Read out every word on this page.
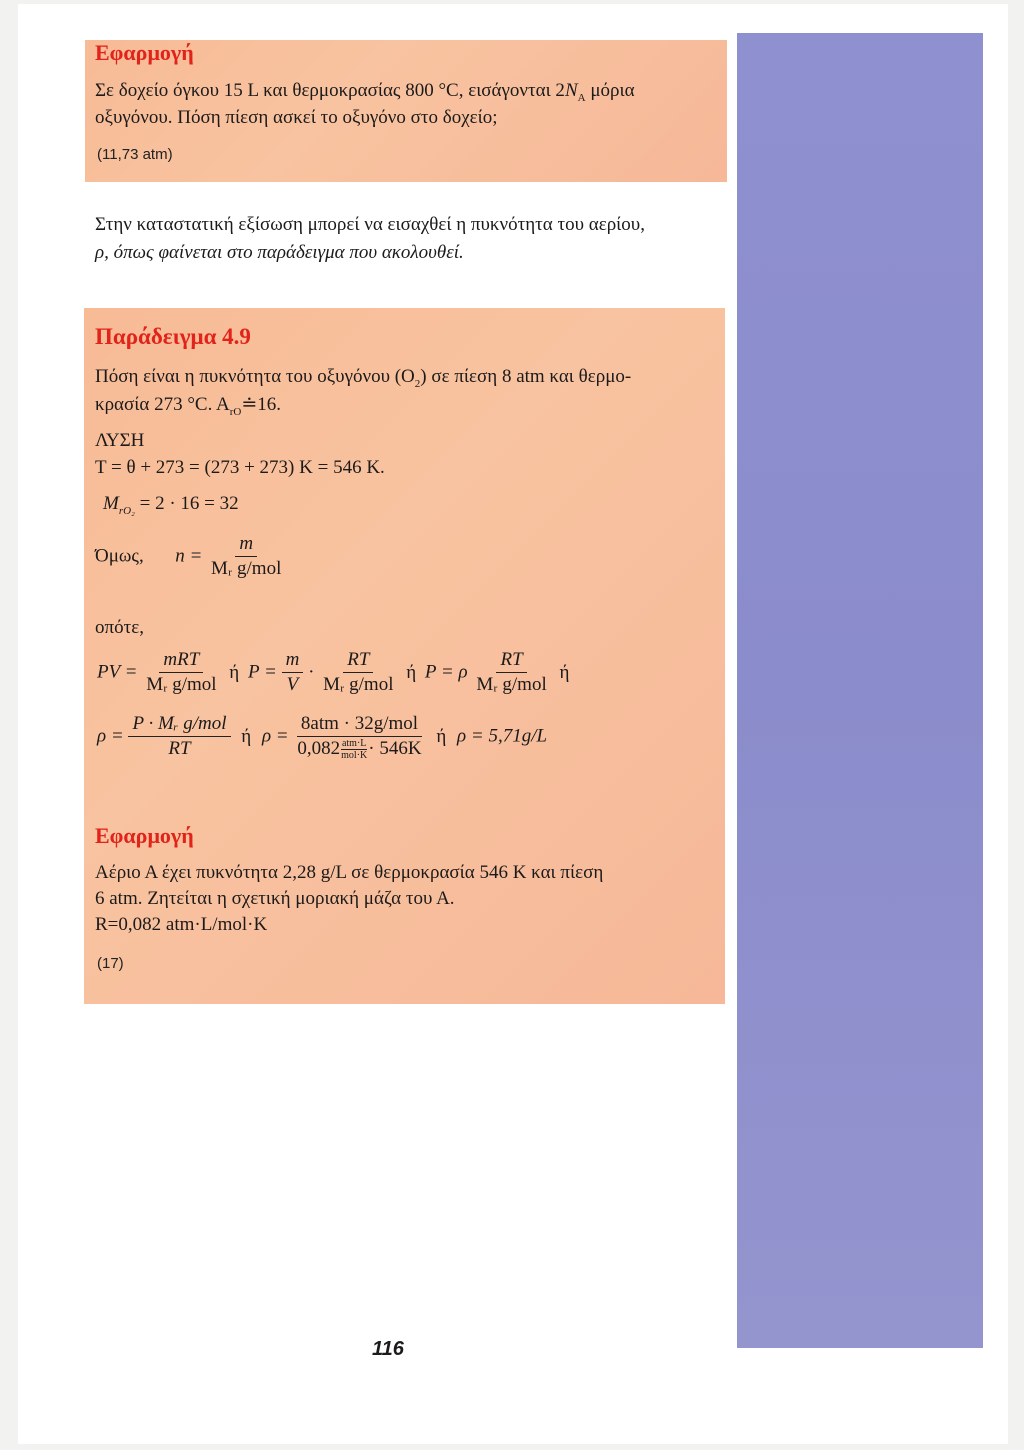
Εφαρμογή
Σε δοχείο όγκου 15 L και θερμοκρασίας 800 °C, εισάγονται $2N_A$ μόρια
οξυγόνου. Πόση πίεση ασκεί το οξυγόνο στο δοχείο;
(11,73 atm)
Στην καταστατική εξίσωση μπορεί να εισαχθεί η πυκνότητα του αερίου,
ρ, όπως φαίνεται στο παράδειγμα που ακολουθεί.
Παράδειγμα 4.9
Πόση είναι η πυκνότητα του οξυγόνου $(O_2)$ σε πίεση 8 atm και θερμο-
κρασία 273 °C. $A_{rO}≐16$.
ΛΥΣΗ
T = θ + 273 = (273 + 273) K = 546 K.
$M_{rO_2} = 2 \cdot 16 = 32$
Όμως, $n = \frac{m}{\text{Mᵣ g/mol}}$
οπότε,
PV = $\frac{\text{mRT}}{\text{Mᵣ g/mol}}$ ή $P = \frac{m}{V} \cdot \frac{RT}{\text{Mᵣ g/mol}}$ ή P = ρ $\frac{RT}{\text{Mᵣ g/mol}}$ ή
$\rho = \frac{\text{P · Mᵣ g/mol}}{RT}$ ή $\rho = \frac{\text{8atm · 32g/mol}}{0,082 \frac{\text{atm·L}}{\text{mol·K}} \cdot 546K}$ ή ρ = 5,71g/L
Εφαρμογή
Αέριο Α έχει πυκνότητα 2,28 g/L σε θερμοκρασία 546 K και πίεση
6 atm. Ζητείται η σχετική μοριακή μάζα του Α.
R=0,082 atm·L/mol·K
(17)
116
